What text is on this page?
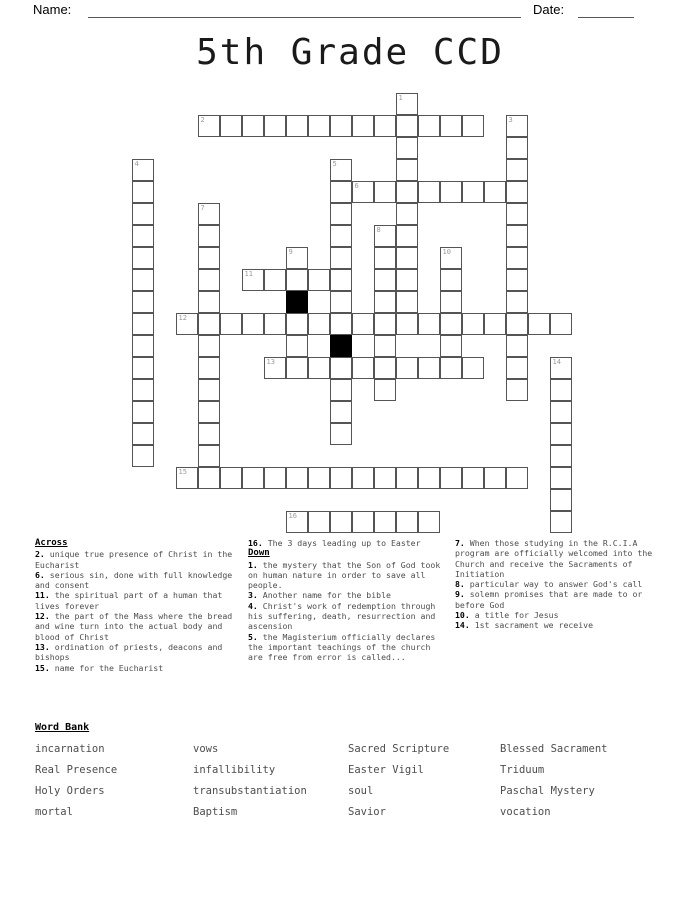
Name:	Date:
5th Grade CCD
1
2	3
4	5
6
7
8
9	10
11
12
13	14
15
16
Across
2. unique true presence of Christ in the Eucharist
6. serious sin, done with full knowledge and consent
11. the spiritual part of a human that lives forever
12. the part of the Mass where the bread and wine turn into the actual body and blood of Christ
13. ordination of priests, deacons and bishops
15. name for the Eucharist
16. The 3 days leading up to Easter
Down
1. the mystery that the Son of God took on human nature in order to save all people.
3. Another name for the bible
4. Christ's work of redemption through his suffering, death, resurrection and ascension
5. the Magisterium officially declares the important teachings of the church are free from error is called...
7. When those studying in the R.C.I.A program are officially welcomed into the Church and receive the Sacraments of Initiation
8. particular way to answer God's call
9. solemn promises that are made to or before God
10. a title for Jesus
14. 1st sacrament we receive
Word Bank
incarnation	vows	Sacred Scripture	Blessed Sacrament
Real Presence	infallibility	Easter Vigil	Triduum
Holy Orders	transubstantiation	soul	Paschal Mystery
mortal	Baptism	Savior	vocation
